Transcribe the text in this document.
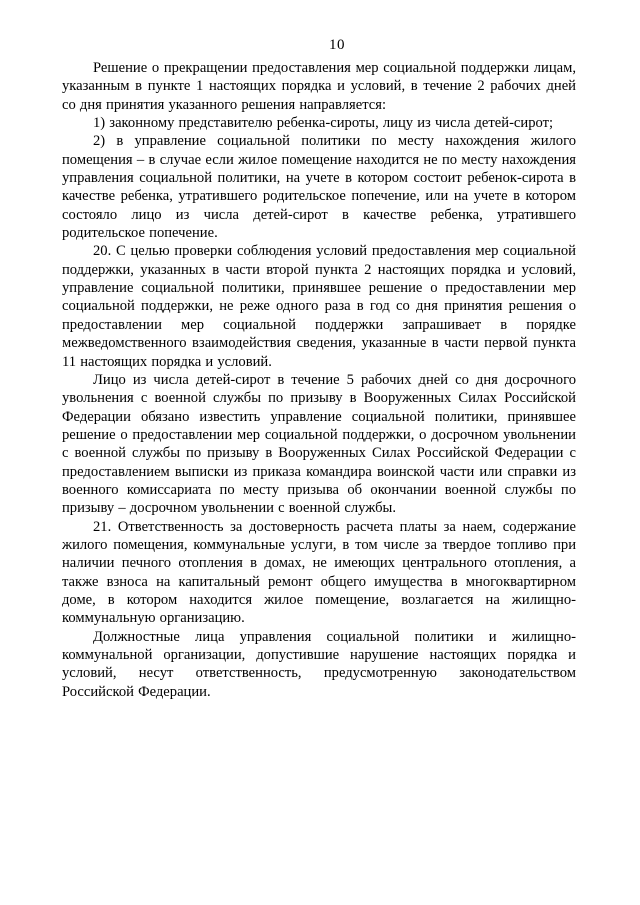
10

Решение о прекращении предоставления мер социальной поддержки лицам, указанным в пункте 1 настоящих порядка и условий, в течение 2 рабочих дней со дня принятия указанного решения направляется:

1) законному представителю ребенка-сироты, лицу из числа детей-сирот;

2) в управление социальной политики по месту нахождения жилого помещения – в случае если жилое помещение находится не по месту нахождения управления социальной политики, на учете в котором состоит ребенок-сирота в качестве ребенка, утратившего родительское попечение, или на учете в котором состояло лицо из числа детей-сирот в качестве ребенка, утратившего родительское попечение.

20. С целью проверки соблюдения условий предоставления мер социальной поддержки, указанных в части второй пункта 2 настоящих порядка и условий, управление социальной политики, принявшее решение о предоставлении мер социальной поддержки, не реже одного раза в год со дня принятия решения о предоставлении мер социальной поддержки запрашивает в порядке межведомственного взаимодействия сведения, указанные в части первой пункта 11 настоящих порядка и условий.

Лицо из числа детей-сирот в течение 5 рабочих дней со дня досрочного увольнения с военной службы по призыву в Вооруженных Силах Российской Федерации обязано известить управление социальной политики, принявшее решение о предоставлении мер социальной поддержки, о досрочном увольнении с военной службы по призыву в Вооруженных Силах Российской Федерации с предоставлением выписки из приказа командира воинской части или справки из военного комиссариата по месту призыва об окончании военной службы по призыву – досрочном увольнении с военной службы.

21. Ответственность за достоверность расчета платы за наем, содержание жилого помещения, коммунальные услуги, в том числе за твердое топливо при наличии печного отопления в домах, не имеющих центрального отопления, а также взноса на капитальный ремонт общего имущества в многоквартирном доме, в котором находится жилое помещение, возлагается на жилищно-коммунальную организацию.

Должностные лица управления социальной политики и жилищно-коммунальной организации, допустившие нарушение настоящих порядка и условий, несут ответственность, предусмотренную законодательством Российской Федерации.
